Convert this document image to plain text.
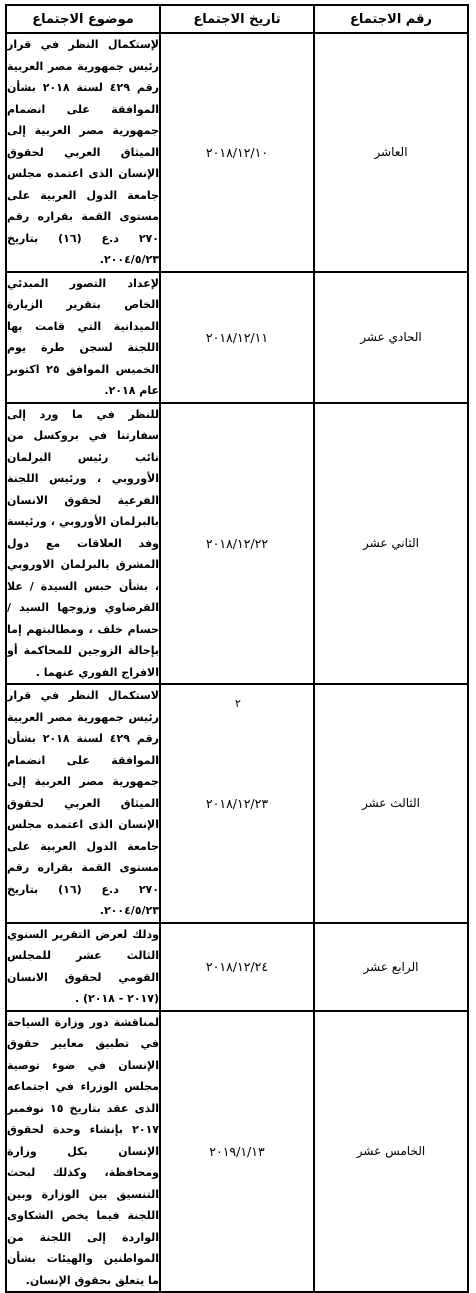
رقم الاجتماع	تاريخ الاجتماع	موضوع الاجتماع
العاشر	٢٠١٨/١٢/١٠	لإستكمال النظر في قرار رئيس جمهورية مصر العربية رقم ٤٢٩ لسنة ٢٠١٨ بشأن الموافقة على انضمام جمهورية مصر العربية إلى الميثاق العربي لحقوق الإنسان الذى اعتمده مجلس جامعة الدول العربية على مستوى القمة بقراره رقم ٢٧٠ د.ع (١٦) بتاريخ ٢٠٠٤/٥/٢٣.
الحادي عشر	٢٠١٨/١٢/١١	لإعداد التصور المبدئي الخاص بتقرير الزيارة الميدانية التي قامت بها اللجنة لسجن طرة يوم الخميس الموافق ٢٥ اكتوبر عام ٢٠١٨.
الثاني عشر	٢٠١٨/١٢/٢٢	للنظر في ما ورد إلى سفارتنا في بروكسل من نائب رئيس البرلمان الأوروبي ، ورئيس اللجنة الفرعية لحقوق الانسان بالبرلمان الأوروبي ، ورئيسة وفد العلاقات مع دول المشرق بالبرلمان الاوروبي ، بشأن حبس السيدة / علا القرضاوي وزوجها السيد / حسام خلف ، ومطالبتهم إما بإحالة الزوجين للمحاكمة أو الافراج الفوري عنهما .
الثالث عشر	٢٠١٨/١٢/٢٣	لاستكمال النظر في قرار رئيس جمهورية مصر العربية رقم ٤٢٩ لسنة ٢٠١٨ بشأن الموافقة على انضمام جمهورية مصر العربية إلى الميثاق العربي لحقوق الإنسان الذى اعتمده مجلس جامعة الدول العربية على مستوى القمة بقراره رقم ٢٧٠ د.ع (١٦) بتاريخ ٢٠٠٤/٥/٢٣.
الرابع عشر	٢٠١٨/١٢/٢٤	وذلك لعرض التقرير السنوي الثالث عشر للمجلس القومي لحقوق الانسان (٢٠١٧ - ٢٠١٨) .
الخامس عشر	٢٠١٩/١/١٣	لمناقشة دور وزارة السياحة في تطبيق معايير حقوق الإنسان في ضوء توصية مجلس الوزراء في اجتماعه الذى عقد بتاريخ ١٥ نوفمبر ٢٠١٧ بإنشاء وحدة لحقوق الإنسان بكل وزارة ومحافظة، وكذلك لبحث التنسيق بين الوزارة وبين اللجنة فيما يخص الشكاوى الواردة إلى اللجنة من المواطنين والهيئات بشأن ما يتعلق بحقوق الإنسان.
٢
